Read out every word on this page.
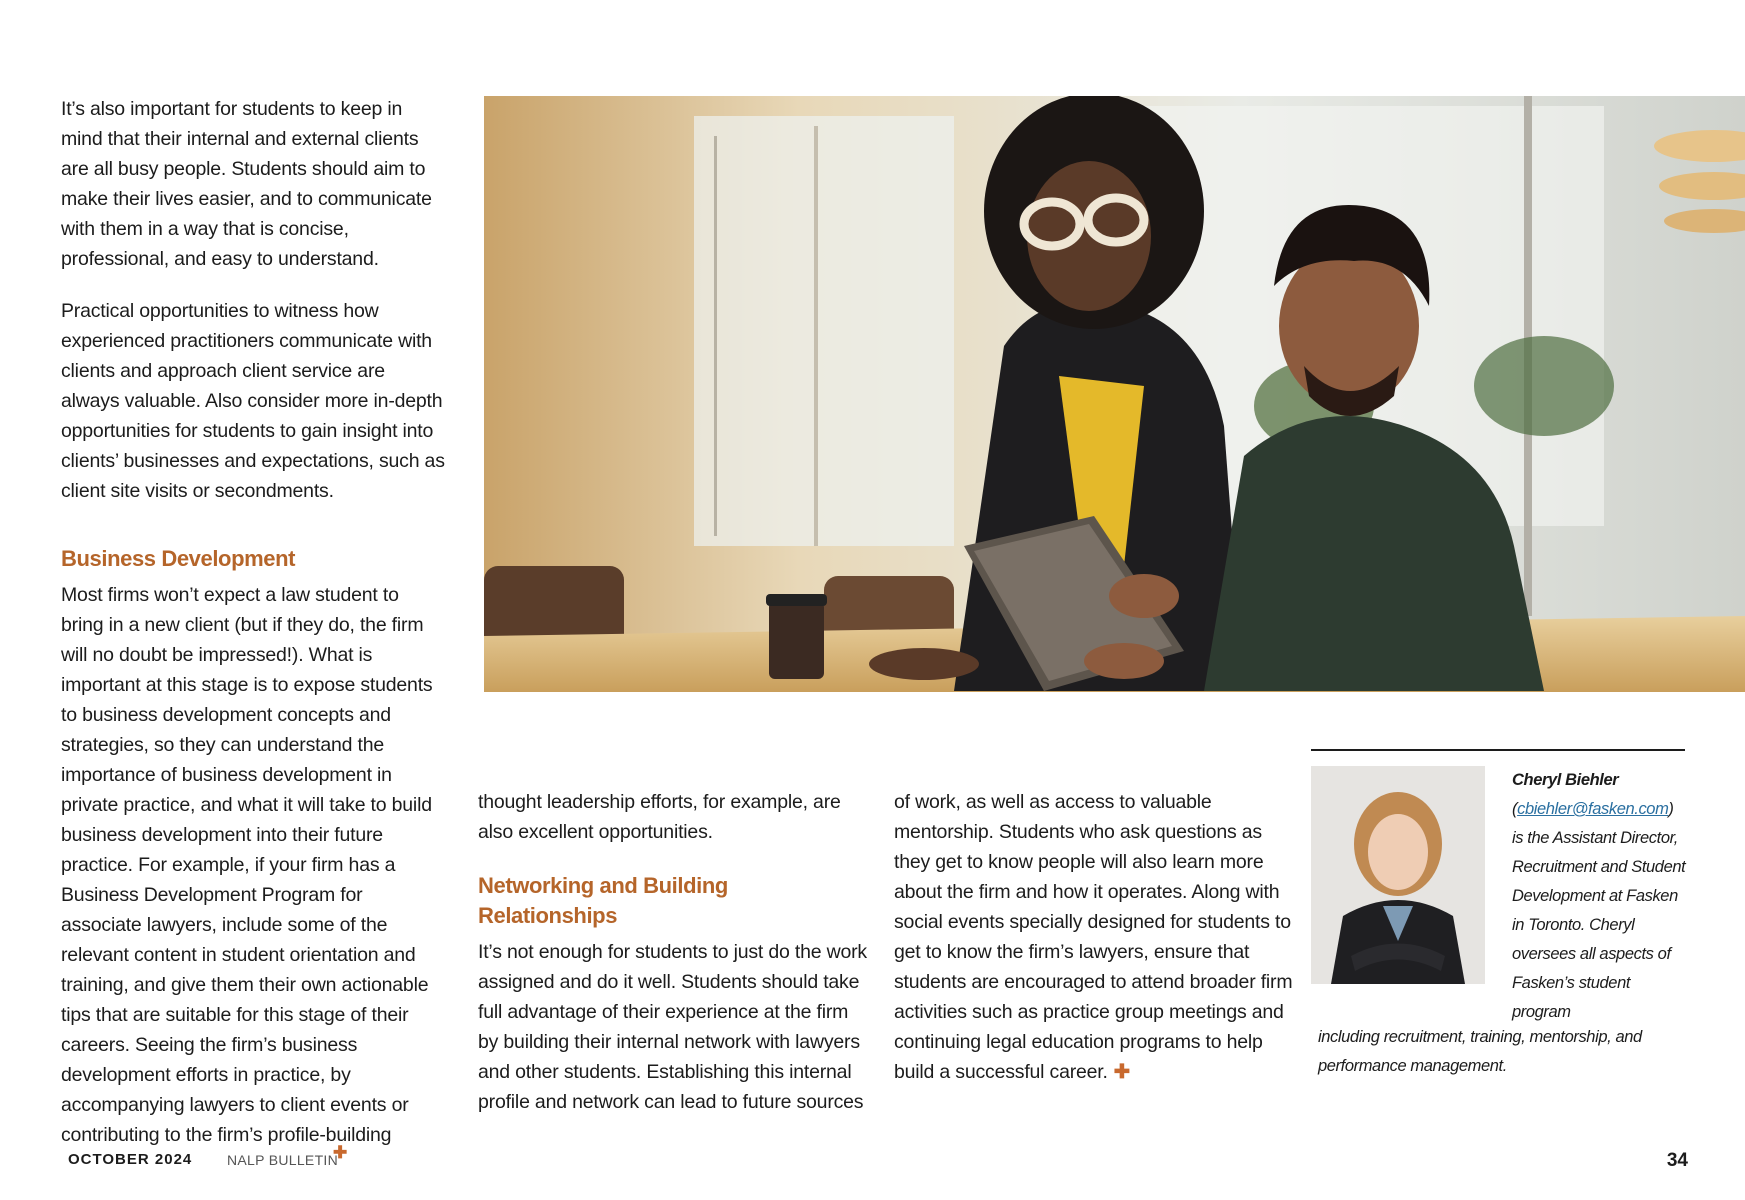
It’s also important for students to keep in mind that their internal and external clients are all busy people. Students should aim to make their lives easier, and to communicate with them in a way that is concise, professional, and easy to understand.

Practical opportunities to witness how experienced practitioners communicate with clients and approach client service are always valuable. Also consider more in-depth opportunities for students to gain insight into clients’ businesses and expectations, such as client site visits or secondments.

Business Development

Most firms won’t expect a law student to bring in a new client (but if they do, the firm will no doubt be impressed!). What is important at this stage is to expose students to business development concepts and strategies, so they can understand the importance of business development in private practice, and what it will take to build business development into their future practice. For example, if your firm has a Business Development Program for associate lawyers, include some of the relevant content in student orientation and training, and give them their own actionable tips that are suitable for this stage of their careers. Seeing the firm’s business development efforts in practice, by accompanying lawyers to client events or contributing to the firm’s profile-building

thought leadership efforts, for example, are also excellent opportunities.

Networking and Building Relationships

It’s not enough for students to just do the work assigned and do it well. Students should take full advantage of their experience at the firm by building their internal network with lawyers and other students. Establishing this internal profile and network can lead to future sources

of work, as well as access to valuable mentorship. Students who ask questions as they get to know people will also learn more about the firm and how it operates. Along with social events specially designed for students to get to know the firm’s lawyers, ensure that students are encouraged to attend broader firm activities such as practice group meetings and continuing legal education programs to help build a successful career. ✚

Cheryl Biehler
(cbiehler@fasken.com) is the Assistant Director, Recruitment and Student Development at Fasken in Toronto. Cheryl oversees all aspects of Fasken’s student program
including recruitment, training, mentorship, and performance management.
OCTOBER 2024 NALP BULLETIN
✚	34
